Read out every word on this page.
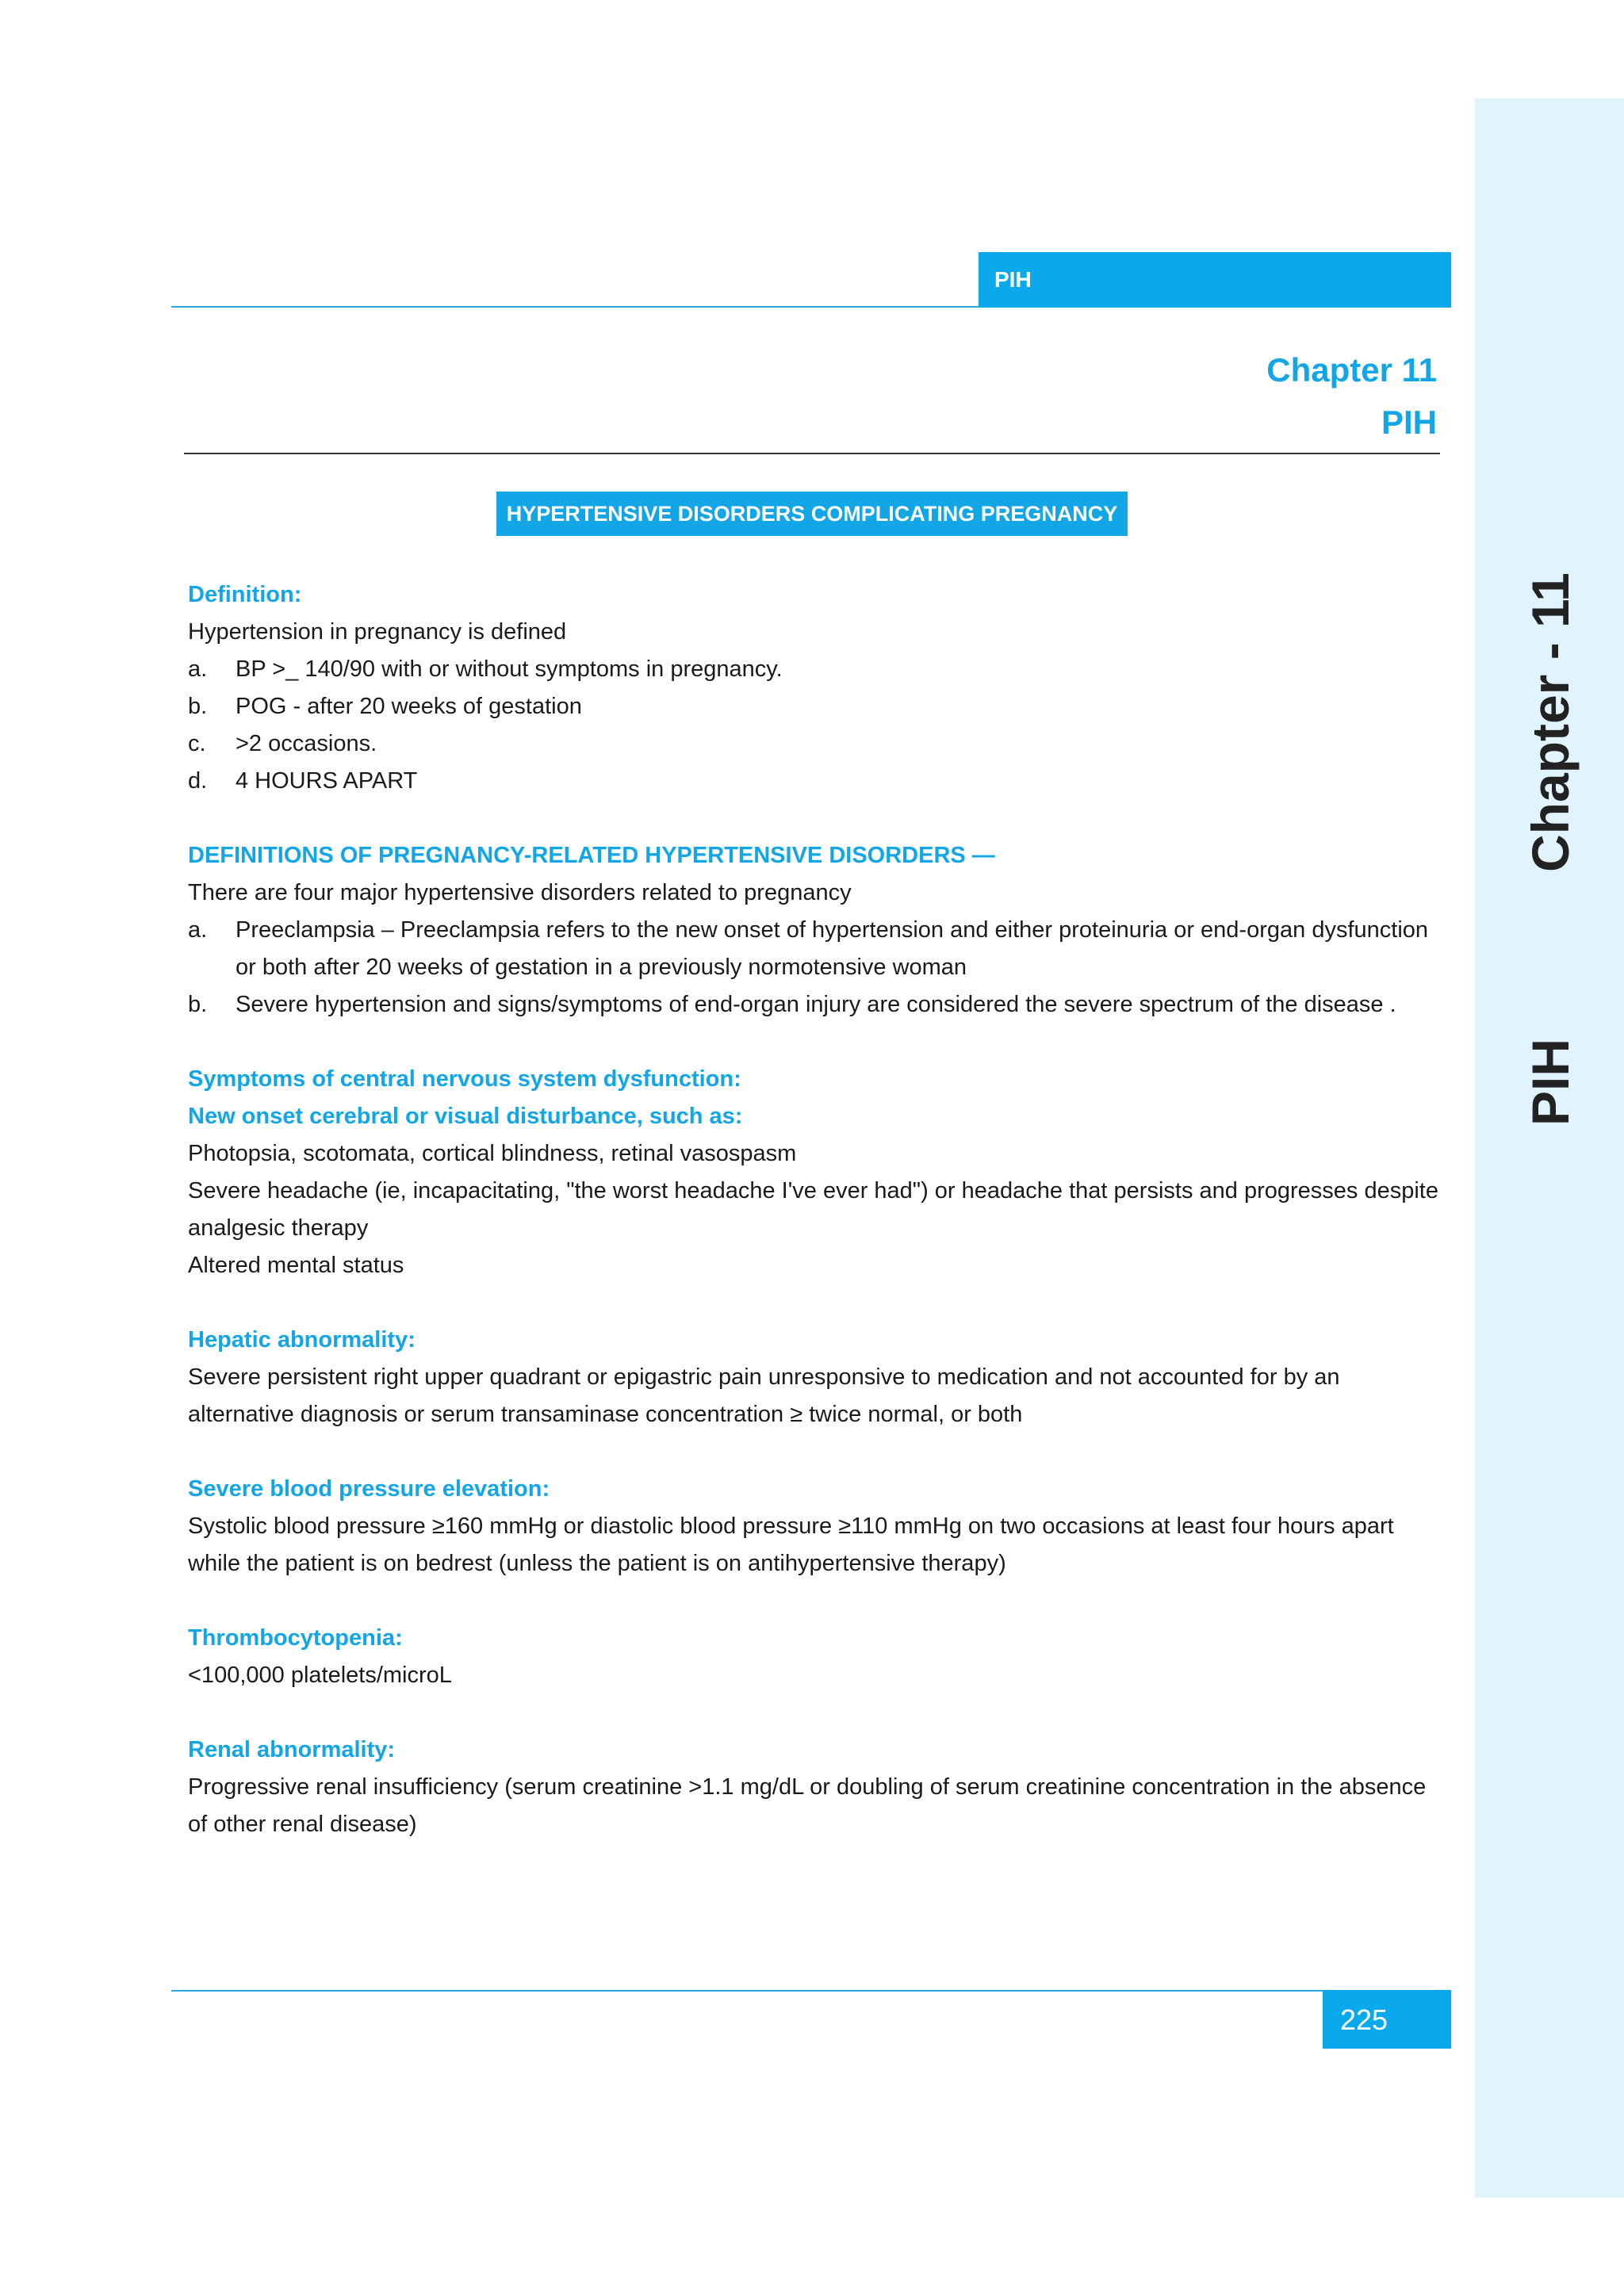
Chapter - 11
PIH
PIH
Chapter 11
PIH
HYPERTENSIVE DISORDERS COMPLICATING PREGNANCY

Definition:

Hypertension in pregnancy is defined

a. BP >_ 140/90 with or without symptoms in pregnancy.
b. POG - after 20 weeks of gestation
c. >2 occasions.
d. 4 HOURS APART

DEFINITIONS OF PREGNANCY-RELATED HYPERTENSIVE DISORDERS —

There are four major hypertensive disorders related to pregnancy

a. Preeclampsia – Preeclampsia refers to the new onset of hypertension and either proteinuria or end-organ dysfunction or both after 20 weeks of gestation in a previously normotensive woman
b. Severe hypertension and signs/symptoms of end-organ injury are considered the severe spectrum of the disease .

Symptoms of central nervous system dysfunction:

New onset cerebral or visual disturbance, such as:

Photopsia, scotomata, cortical blindness, retinal vasospasm

Severe headache (ie, incapacitating, "the worst headache I've ever had") or headache that persists and progresses despite analgesic therapy

Altered mental status

Hepatic abnormality:

Severe persistent right upper quadrant or epigastric pain unresponsive to medication and not accounted for by an alternative diagnosis or serum transaminase concentration ≥ twice normal, or both

Severe blood pressure elevation:

Systolic blood pressure ≥160 mmHg or diastolic blood pressure ≥110 mmHg on two occasions at least four hours apart while the patient is on bedrest (unless the patient is on antihypertensive therapy)

Thrombocytopenia:

<100,000 platelets/microL

Renal abnormality:

Progressive renal insufficiency (serum creatinine >1.1 mg/dL or doubling of serum creatinine concentration in the absence of other renal disease)

225
